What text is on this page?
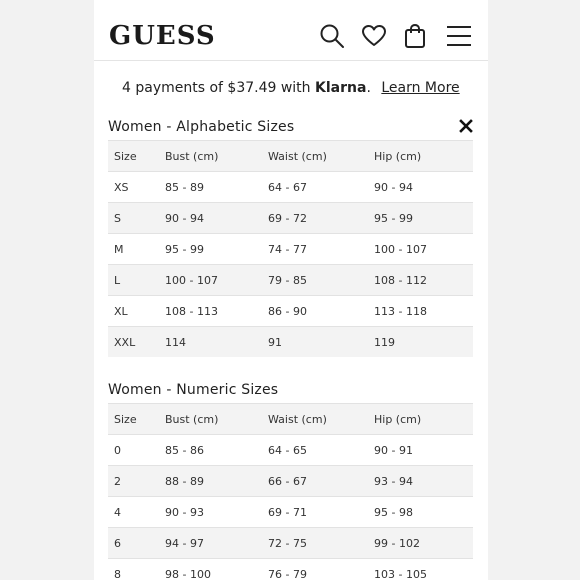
GUESS
4 payments of $37.49 with Klarna. Learn More
Women - Alphabetic Sizes
Size	Bust (cm)	Waist (cm)	Hip (cm)
XS	85 - 89	64 - 67	90 - 94
S	90 - 94	69 - 72	95 - 99
M	95 - 99	74 - 77	100 - 107
L	100 - 107	79 - 85	108 - 112
XL	108 - 113	86 - 90	113 - 118
XXL	114	91	119
Women - Numeric Sizes
Size	Bust (cm)	Waist (cm)	Hip (cm)
0	85 - 86	64 - 65	90 - 91
2	88 - 89	66 - 67	93 - 94
4	90 - 93	69 - 71	95 - 98
6	94 - 97	72 - 75	99 - 102
8	98 - 100	76 - 79	103 - 105
